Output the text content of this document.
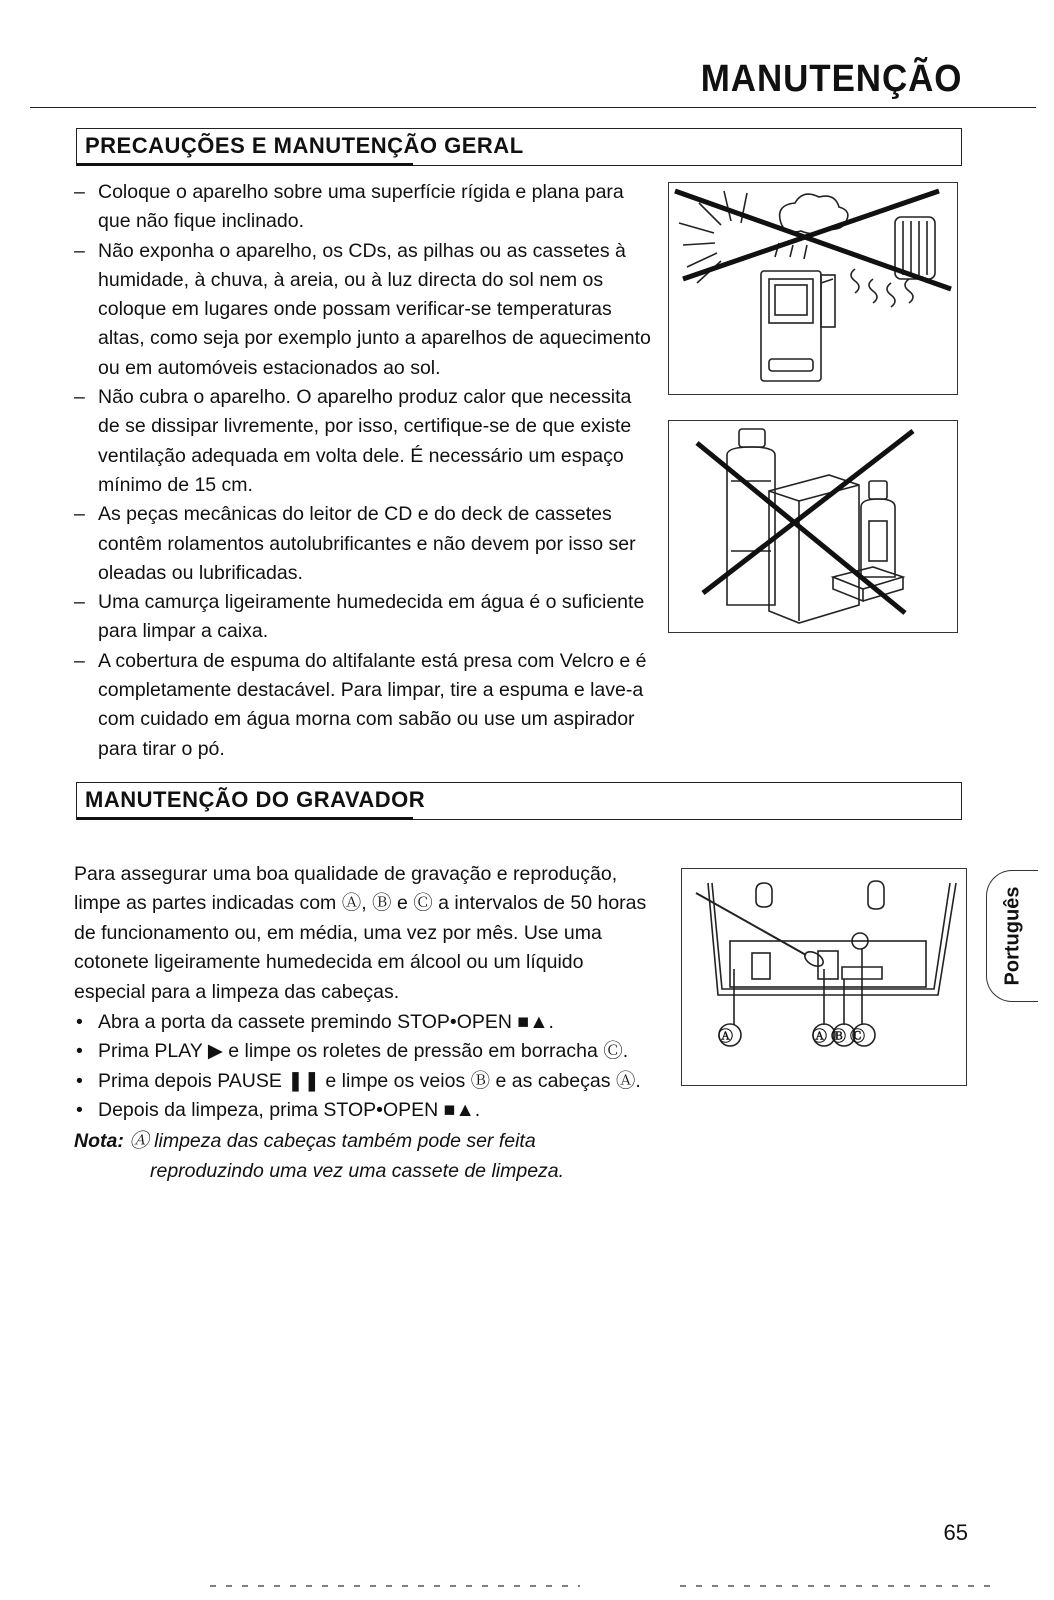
MANUTENÇÃO
PRECAUÇÕES E MANUTENÇÃO GERAL
– Coloque o aparelho sobre uma superfície rígida e plana para que não fique inclinado.
– Não exponha o aparelho, os CDs, as pilhas ou as cassetes à humidade, à chuva, à areia, ou à luz directa do sol nem os coloque em lugares onde possam verificar-se temperaturas altas, como seja por exemplo junto a aparelhos de aquecimento ou em automóveis estacionados ao sol.
– Não cubra o aparelho. O aparelho produz calor que necessita de se dissipar livremente, por isso, certifique-se de que existe ventilação adequada em volta dele. É necessário um espaço mínimo de 15 cm.
– As peças mecânicas do leitor de CD e do deck de cassetes contêm rolamentos autolubrificantes e não devem por isso ser oleadas ou lubrificadas.
– Uma camurça ligeiramente humedecida em água é o suficiente para limpar a caixa.
– A cobertura de espuma do altifalante está presa com Velcro e é completamente destacável. Para limpar, tire a espuma e lave-a com cuidado em água morna com sabão ou use um aspirador para tirar o pó.
MANUTENÇÃO DO GRAVADOR

Para assegurar uma boa qualidade de gravação e reprodução, limpe as partes indicadas com Ⓐ, Ⓑ e Ⓒ a intervalos de 50 horas de funcionamento ou, em média, uma vez por mês. Use uma cotonete ligeiramente humedecida em álcool ou um líquido especial para a limpeza das cabeças.

• Abra a porta da cassete premindo STOP•OPEN ■▲.
• Prima PLAY ▶ e limpe os roletes de pressão em borracha Ⓒ.
• Prima depois PAUSE ❚❚ e limpe os veios Ⓑ e as cabeças Ⓐ.
• Depois da limpeza, prima STOP•OPEN ■▲.
Nota: Ⓐ limpeza das cabeças também pode ser feita
reproduzindo uma vez uma cassete de limpeza.
Ⓐ	ⒶⒷⒸ
Português
65
